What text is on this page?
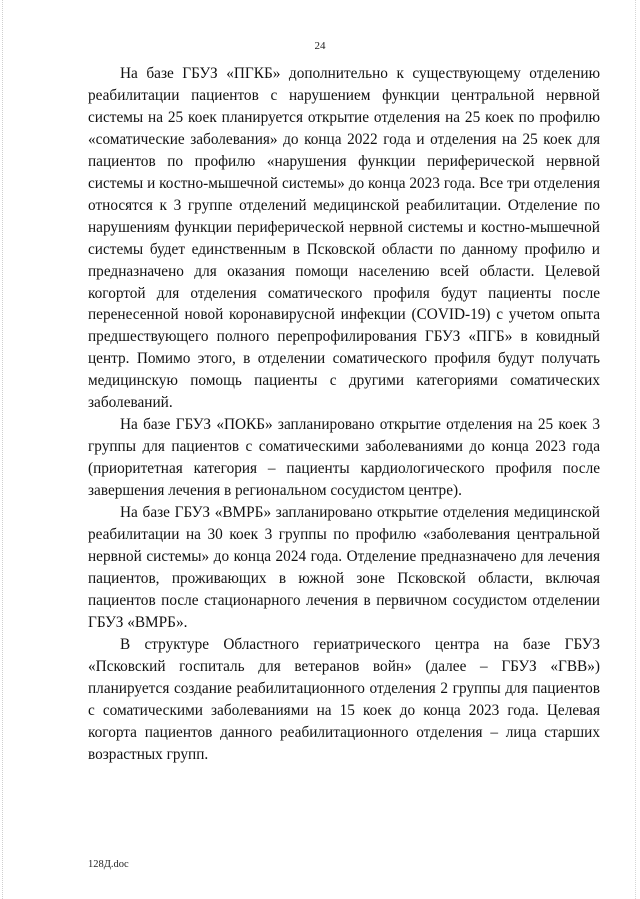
24

На базе ГБУЗ «ПГКБ» дополнительно к существующему отделению реабилитации пациентов с нарушением функции центральной нервной системы на 25 коек планируется открытие отделения на 25 коек по профилю «соматические заболевания» до конца 2022 года и отделения на 25 коек для пациентов по профилю «нарушения функции периферической нервной системы и костно-мышечной системы» до конца 2023 года. Все три отделения относятся к 3 группе отделений медицинской реабилитации. Отделение по нарушениям функции периферической нервной системы и костно-мышечной системы будет единственным в Псковской области по данному профилю и предназначено для оказания помощи населению всей области. Целевой когортой для отделения соматического профиля будут пациенты после перенесенной новой коронавирусной инфекции (COVID-19) с учетом опыта предшествующего полного перепрофилирования ГБУЗ «ПГБ» в ковидный центр. Помимо этого, в отделении соматического профиля будут получать медицинскую помощь пациенты с другими категориями соматических заболеваний.

На базе ГБУЗ «ПОКБ» запланировано открытие отделения на 25 коек 3 группы для пациентов с соматическими заболеваниями до конца 2023 года (приоритетная категория – пациенты кардиологического профиля после завершения лечения в региональном сосудистом центре).

На базе ГБУЗ «ВМРБ» запланировано открытие отделения медицинской реабилитации на 30 коек 3 группы по профилю «заболевания центральной нервной системы» до конца 2024 года. Отделение предназначено для лечения пациентов, проживающих в южной зоне Псковской области, включая пациентов после стационарного лечения в первичном сосудистом отделении ГБУЗ «ВМРБ».

В структуре Областного гериатрического центра на базе ГБУЗ «Псковский госпиталь для ветеранов войн» (далее – ГБУЗ «ГВВ») планируется создание реабилитационного отделения 2 группы для пациентов с соматическими заболеваниями на 15 коек до конца 2023 года. Целевая когорта пациентов данного реабилитационного отделения – лица старших возрастных групп.

128Д.doc
